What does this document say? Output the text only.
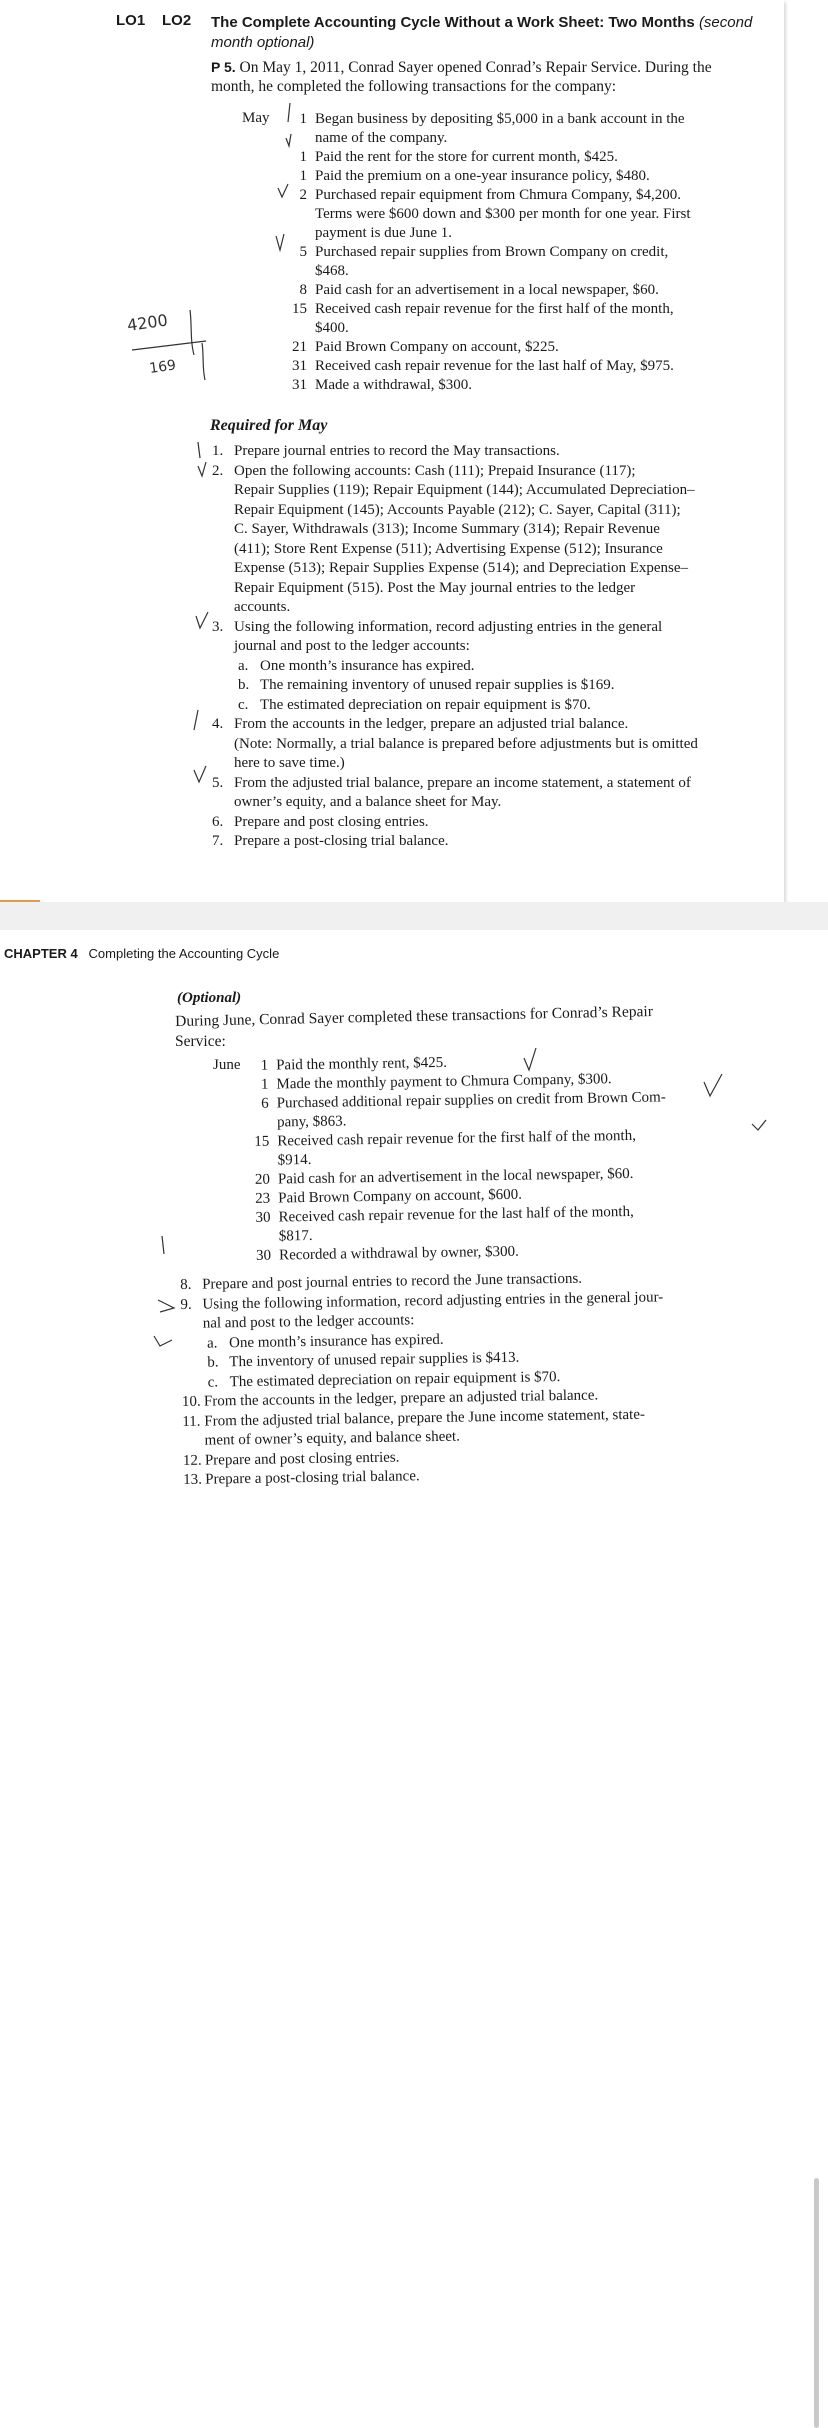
LO1 LO2 The Complete Accounting Cycle Without a Work Sheet: Two Months (second
month optional)
P 5. On May 1, 2011, Conrad Sayer opened Conrad’s Repair Service. During the
month, he completed the following transactions for the company:
May	1 Began business by depositing $5,000 in a bank account in the
name of the company.
1 Paid the rent for the store for current month, $425.
1 Paid the premium on a one-year insurance policy, $480.
2 Purchased repair equipment from Chmura Company, $4,200.
Terms were $600 down and $300 per month for one year. First
payment is due June 1.
5 Purchased repair supplies from Brown Company on credit,
$468.
8 Paid cash for an advertisement in a local newspaper, $60.
15 Received cash repair revenue for the first half of the month,
$400.
21 Paid Brown Company on account, $225.
31 Received cash repair revenue for the last half of May, $975.
31 Made a withdrawal, $300.
Required for May
1. Prepare journal entries to record the May transactions.
2. Open the following accounts: Cash (111); Prepaid Insurance (117);
Repair Supplies (119); Repair Equipment (144); Accumulated Depreciation–
Repair Equipment (145); Accounts Payable (212); C. Sayer, Capital (311);
C. Sayer, Withdrawals (313); Income Summary (314); Repair Revenue
(411); Store Rent Expense (511); Advertising Expense (512); Insurance
Expense (513); Repair Supplies Expense (514); and Depreciation Expense–
Repair Equipment (515). Post the May journal entries to the ledger
accounts.
3. Using the following information, record adjusting entries in the general
journal and post to the ledger accounts:
a. One month’s insurance has expired.
b. The remaining inventory of unused repair supplies is $169.
c. The estimated depreciation on repair equipment is $70.
4. From the accounts in the ledger, prepare an adjusted trial balance.
(Note: Normally, a trial balance is prepared before adjustments but is omitted
here to save time.)
5. From the adjusted trial balance, prepare an income statement, a statement of
owner’s equity, and a balance sheet for May.
6. Prepare and post closing entries.
7. Prepare a post-closing trial balance.
4200
169
CHAPTER 4 Completing the Accounting Cycle
(Optional)
During June, Conrad Sayer completed these transactions for Conrad’s Repair
Service:
June	1 Paid the monthly rent, $425.
1 Made the monthly payment to Chmura Company, $300.
6 Purchased additional repair supplies on credit from Brown Com-
pany, $863.
15 Received cash repair revenue for the first half of the month,
$914.
20 Paid cash for an advertisement in the local newspaper, $60.
23 Paid Brown Company on account, $600.
30 Received cash repair revenue for the last half of the month,
$817.
30 Recorded a withdrawal by owner, $300.
8. Prepare and post journal entries to record the June transactions.
9. Using the following information, record adjusting entries in the general jour-
nal and post to the ledger accounts:
a. One month’s insurance has expired.
b. The inventory of unused repair supplies is $413.
c. The estimated depreciation on repair equipment is $70.
10. From the accounts in the ledger, prepare an adjusted trial balance.
11. From the adjusted trial balance, prepare the June income statement, state-
ment of owner’s equity, and balance sheet.
12. Prepare and post closing entries.
13. Prepare a post-closing trial balance.
